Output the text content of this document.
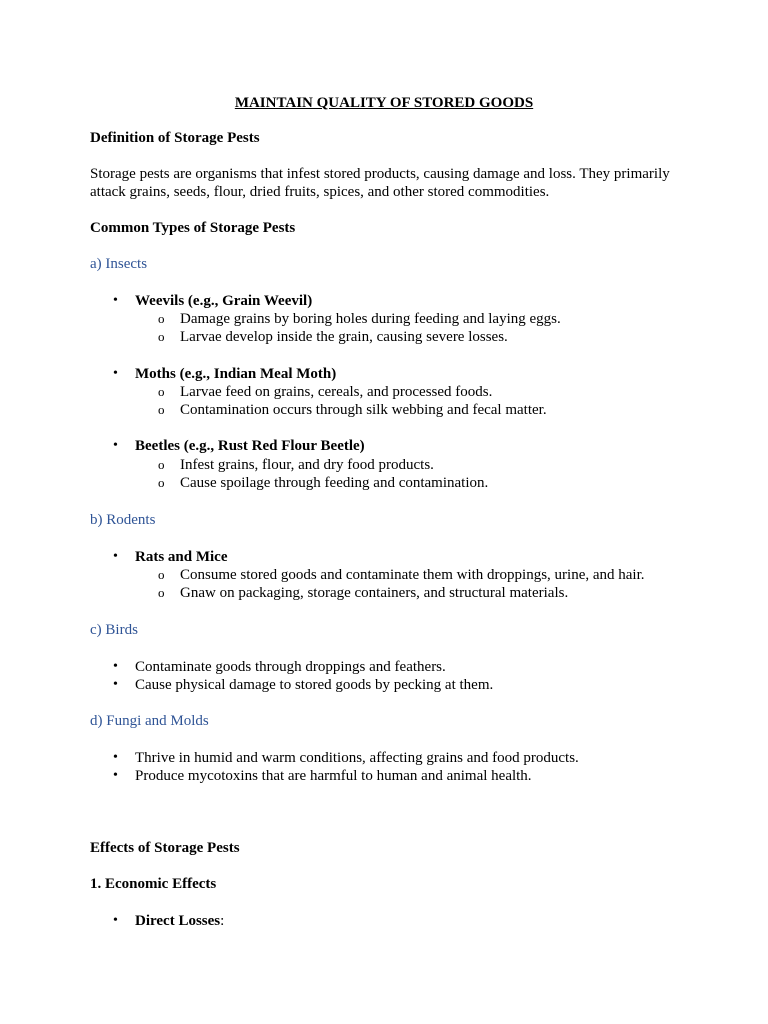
MAINTAIN QUALITY OF STORED GOODS
Definition of Storage Pests
Storage pests are organisms that infest stored products, causing damage and loss. They primarily attack grains, seeds, flour, dried fruits, spices, and other stored commodities.
Common Types of Storage Pests
a) Insects
• Weevils (e.g., Grain Weevil)
o Damage grains by boring holes during feeding and laying eggs.
o Larvae develop inside the grain, causing severe losses.
• Moths (e.g., Indian Meal Moth)
o Larvae feed on grains, cereals, and processed foods.
o Contamination occurs through silk webbing and fecal matter.
• Beetles (e.g., Rust Red Flour Beetle)
o Infest grains, flour, and dry food products.
o Cause spoilage through feeding and contamination.
b) Rodents
• Rats and Mice
o Consume stored goods and contaminate them with droppings, urine, and hair.
o Gnaw on packaging, storage containers, and structural materials.
c) Birds
• Contaminate goods through droppings and feathers.
• Cause physical damage to stored goods by pecking at them.
d) Fungi and Molds
• Thrive in humid and warm conditions, affecting grains and food products.
• Produce mycotoxins that are harmful to human and animal health.
Effects of Storage Pests
1. Economic Effects
• Direct Losses:
